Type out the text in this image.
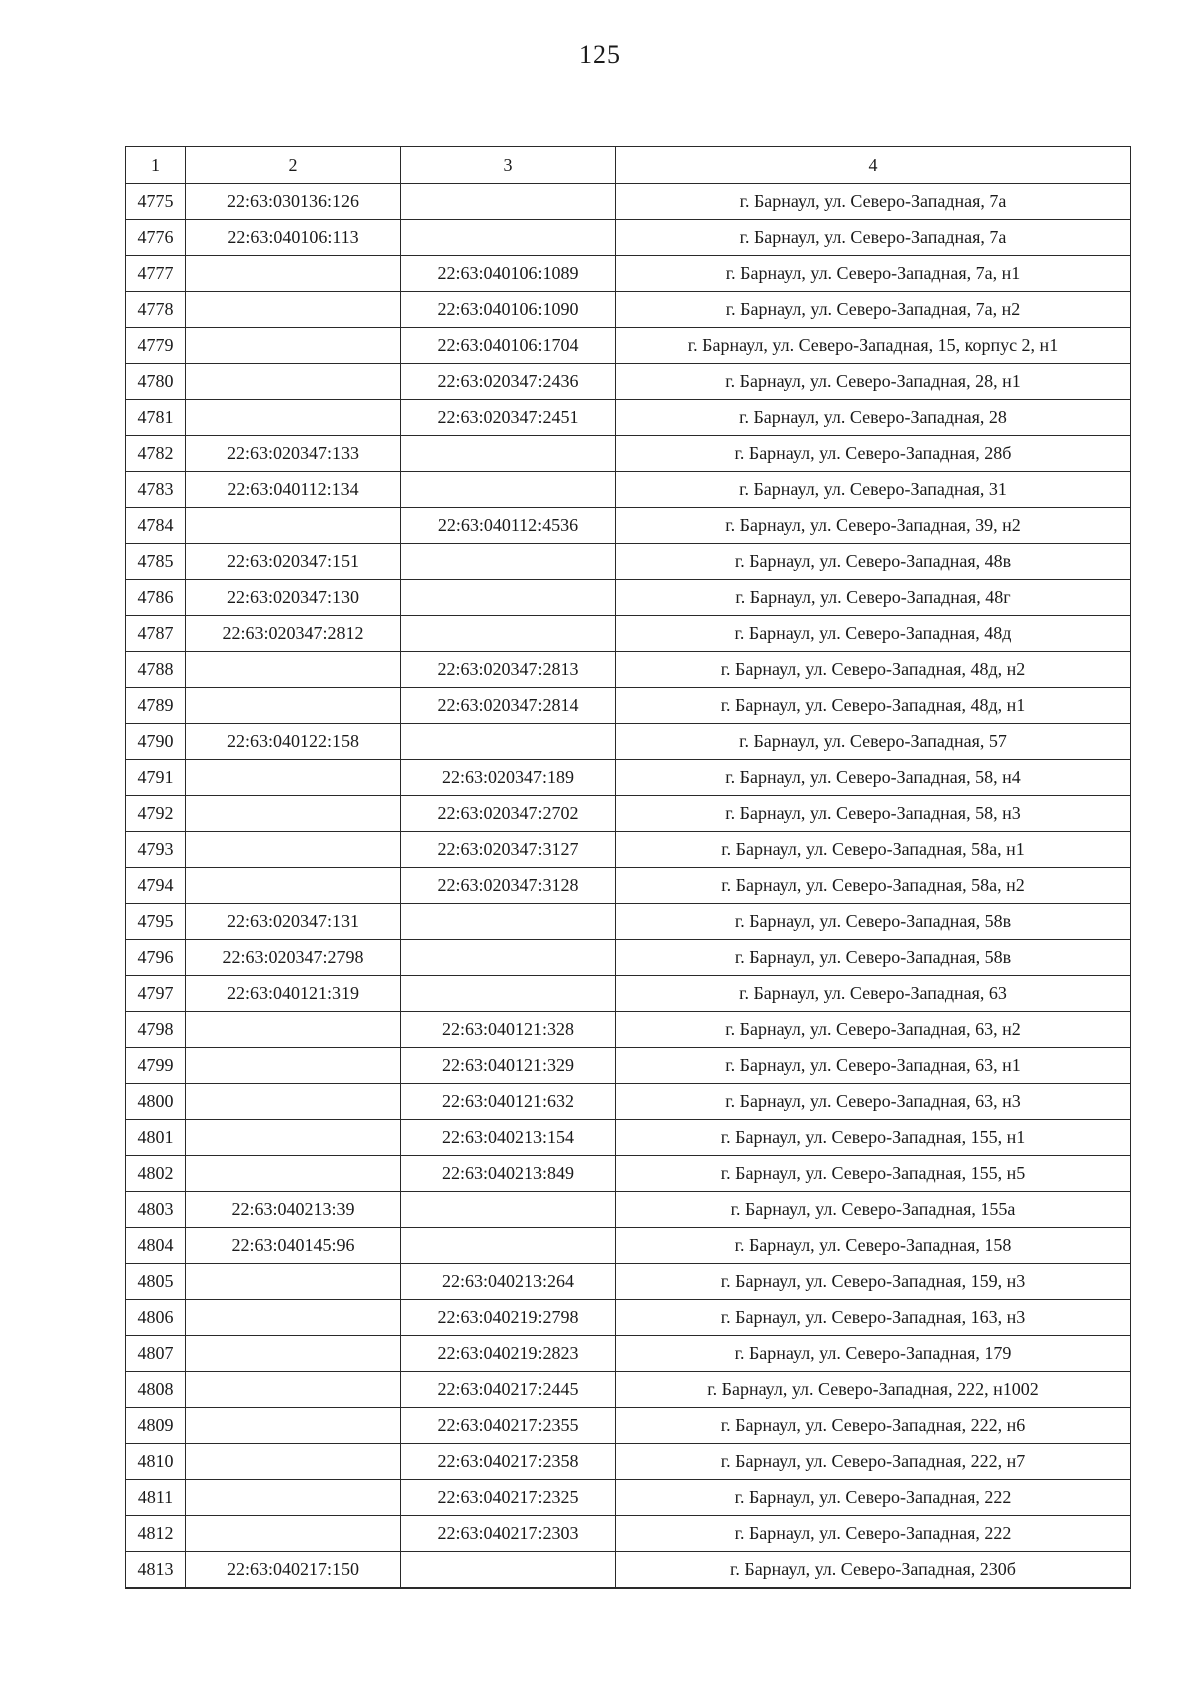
125
1	2	3	4
4775	22:63:030136:126		г. Барнаул, ул. Северо-Западная, 7а
4776	22:63:040106:113		г. Барнаул, ул. Северо-Западная, 7а
4777		22:63:040106:1089	г. Барнаул, ул. Северо-Западная, 7а, н1
4778		22:63:040106:1090	г. Барнаул, ул. Северо-Западная, 7а, н2
4779		22:63:040106:1704	г. Барнаул, ул. Северо-Западная, 15, корпус 2, н1
4780		22:63:020347:2436	г. Барнаул, ул. Северо-Западная, 28, н1
4781		22:63:020347:2451	г. Барнаул, ул. Северо-Западная, 28
4782	22:63:020347:133		г. Барнаул, ул. Северо-Западная, 28б
4783	22:63:040112:134		г. Барнаул, ул. Северо-Западная, 31
4784		22:63:040112:4536	г. Барнаул, ул. Северо-Западная, 39, н2
4785	22:63:020347:151		г. Барнаул, ул. Северо-Западная, 48в
4786	22:63:020347:130		г. Барнаул, ул. Северо-Западная, 48г
4787	22:63:020347:2812		г. Барнаул, ул. Северо-Западная, 48д
4788		22:63:020347:2813	г. Барнаул, ул. Северо-Западная, 48д, н2
4789		22:63:020347:2814	г. Барнаул, ул. Северо-Западная, 48д, н1
4790	22:63:040122:158		г. Барнаул, ул. Северо-Западная, 57
4791		22:63:020347:189	г. Барнаул, ул. Северо-Западная, 58, н4
4792		22:63:020347:2702	г. Барнаул, ул. Северо-Западная, 58, н3
4793		22:63:020347:3127	г. Барнаул, ул. Северо-Западная, 58а, н1
4794		22:63:020347:3128	г. Барнаул, ул. Северо-Западная, 58а, н2
4795	22:63:020347:131		г. Барнаул, ул. Северо-Западная, 58в
4796	22:63:020347:2798		г. Барнаул, ул. Северо-Западная, 58в
4797	22:63:040121:319		г. Барнаул, ул. Северо-Западная, 63
4798		22:63:040121:328	г. Барнаул, ул. Северо-Западная, 63, н2
4799		22:63:040121:329	г. Барнаул, ул. Северо-Западная, 63, н1
4800		22:63:040121:632	г. Барнаул, ул. Северо-Западная, 63, н3
4801		22:63:040213:154	г. Барнаул, ул. Северо-Западная, 155, н1
4802		22:63:040213:849	г. Барнаул, ул. Северо-Западная, 155, н5
4803	22:63:040213:39		г. Барнаул, ул. Северо-Западная, 155а
4804	22:63:040145:96		г. Барнаул, ул. Северо-Западная, 158
4805		22:63:040213:264	г. Барнаул, ул. Северо-Западная, 159, н3
4806		22:63:040219:2798	г. Барнаул, ул. Северо-Западная, 163, н3
4807		22:63:040219:2823	г. Барнаул, ул. Северо-Западная, 179
4808		22:63:040217:2445	г. Барнаул, ул. Северо-Западная, 222, н1002
4809		22:63:040217:2355	г. Барнаул, ул. Северо-Западная, 222, н6
4810		22:63:040217:2358	г. Барнаул, ул. Северо-Западная, 222, н7
4811		22:63:040217:2325	г. Барнаул, ул. Северо-Западная, 222
4812		22:63:040217:2303	г. Барнаул, ул. Северо-Западная, 222
4813	22:63:040217:150		г. Барнаул, ул. Северо-Западная, 230б
